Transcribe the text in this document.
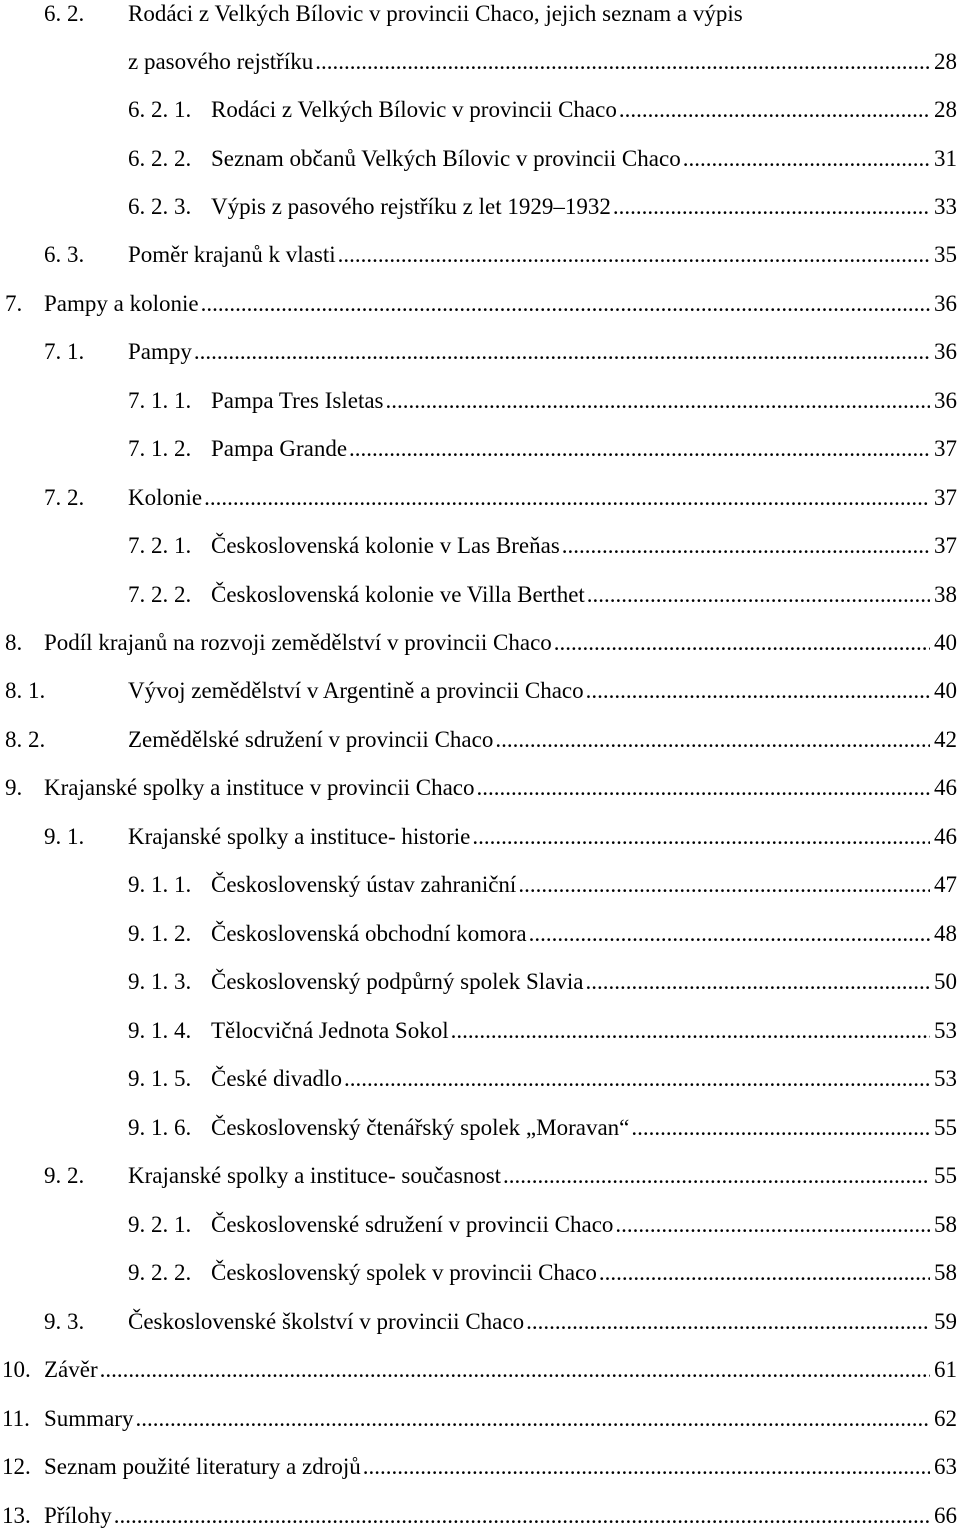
6. 2. Rodáci z Velkých Bílovic v provincii Chaco, jejich seznam a výpis
z pasového rejstříku .....	28
6. 2. 1. Rodáci z Velkých Bílovic v provincii Chaco .....	28
6. 2. 2. Seznam občanů Velkých Bílovic v provincii Chaco .....	31
6. 2. 3. Výpis z pasového rejstříku z let 1929–1932 .....	33
6. 3. Poměr krajanů k vlasti .....	35
7. Pampy a kolonie .....	36
7. 1. Pampy .....	36
7. 1. 1. Pampa Tres Isletas .....	36
7. 1. 2. Pampa Grande .....	37
7. 2. Kolonie .....	37
7. 2. 1. Československá kolonie v Las Breňas .....	37
7. 2. 2. Československá kolonie ve Villa Berthet .....	38
8. Podíl krajanů na rozvoji zemědělství v provincii Chaco .....	40
8. 1.	Vývoj zemědělství v Argentině a provincii Chaco .....	40
8. 2.	Zemědělské sdružení v provincii Chaco .....	42
9. Krajanské spolky a instituce v provincii Chaco .....	46
9. 1. Krajanské spolky a instituce- historie .....	46
9. 1. 1. Československý ústav zahraniční .....	47
9. 1. 2. Československá obchodní komora .....	48
9. 1. 3. Československý podpůrný spolek Slavia .....	50
9. 1. 4. Tělocvičná Jednota Sokol .....	53
9. 1. 5. České divadlo .....	53
9. 1. 6. Československý čtenářský spolek „Moravan“ .....	55
9. 2. Krajanské spolky a instituce- současnost .....	55
9. 2. 1. Československé sdružení v provincii Chaco .....	58
9. 2. 2. Československý spolek v provincii Chaco .....	58
9. 3. Československé školství v provincii Chaco .....	59
10. Závěr .....	61
11. Summary .....	62
12. Seznam použité literatury a zdrojů .....	63
13. Přílohy .....	66
